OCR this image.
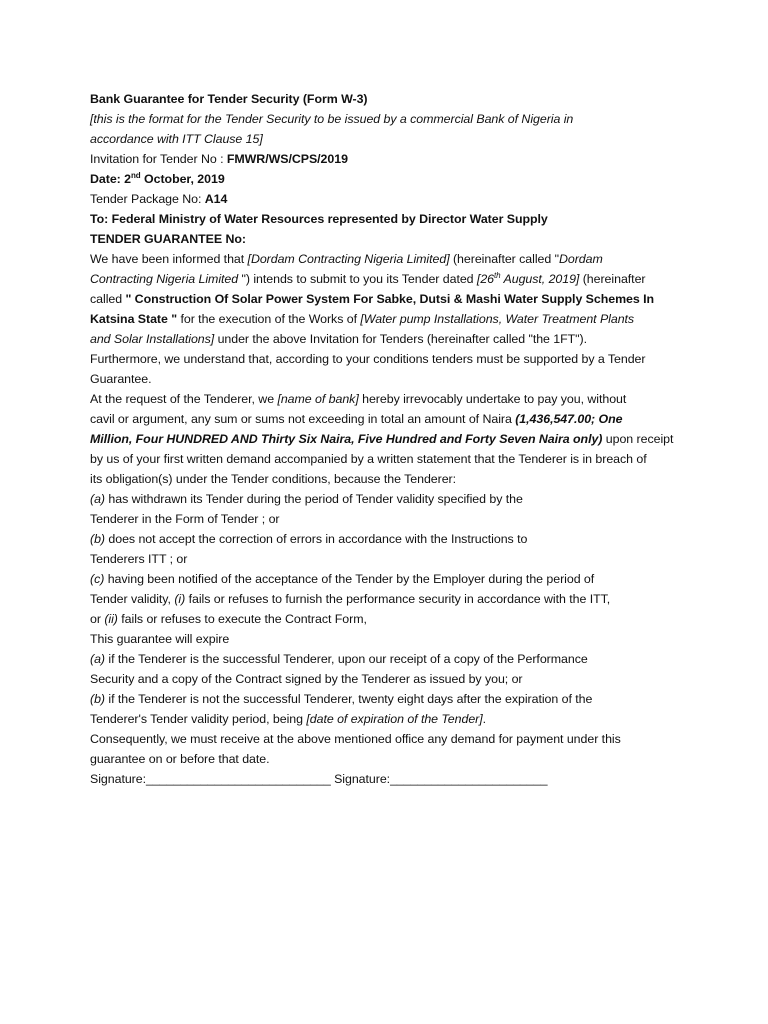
Bank Guarantee for Tender Security (Form W-3)
[this is the format for the Tender Security to be issued by a commercial Bank of Nigeria in
accordance with ITT Clause 15]
Invitation for Tender No : FMWR/WS/CPS/2019
Date: 2nd October, 2019
Tender Package No: A14
To: Federal Ministry of Water Resources represented by Director Water Supply
TENDER GUARANTEE No:
We have been informed that [Dordam Contracting Nigeria Limited] (hereinafter called "Dordam
Contracting Nigeria Limited ") intends to submit to you its Tender dated [26th August, 2019] (hereinafter
called " Construction Of Solar Power System For Sabke, Dutsi & Mashi Water Supply Schemes In
Katsina State " for the execution of the Works of [Water pump Installations, Water Treatment Plants
and Solar Installations] under the above Invitation for Tenders (hereinafter called "the 1FT").
Furthermore, we understand that, according to your conditions tenders must be supported by a Tender
Guarantee.
At the request of the Tenderer, we [name of bank] hereby irrevocably undertake to pay you, without
cavil or argument, any sum or sums not exceeding in total an amount of Naira (1,436,547.00; One
Million, Four HUNDRED AND Thirty Six Naira, Five Hundred and Forty Seven Naira only) upon receipt
by us of your first written demand accompanied by a written statement that the Tenderer is in breach of
its obligation(s) under the Tender conditions, because the Tenderer:
(a) has withdrawn its Tender during the period of Tender validity specified by the
Tenderer in the Form of Tender ; or
(b) does not accept the correction of errors in accordance with the Instructions to
Tenderers ITT ; or
(c) having been notified of the acceptance of the Tender by the Employer during the period of
Tender validity, (i) fails or refuses to furnish the performance security in accordance with the ITT,
or (ii) fails or refuses to execute the Contract Form,
This guarantee will expire
(a) if the Tenderer is the successful Tenderer, upon our receipt of a copy of the Performance
Security and a copy of the Contract signed by the Tenderer as issued by you; or
(b) if the Tenderer is not the successful Tenderer, twenty eight days after the expiration of the
Tenderer's Tender validity period, being [date of expiration of the Tender].
Consequently, we must receive at the above mentioned office any demand for payment under this
guarantee on or before that date.
Signature:___________________________ Signature:_______________________
